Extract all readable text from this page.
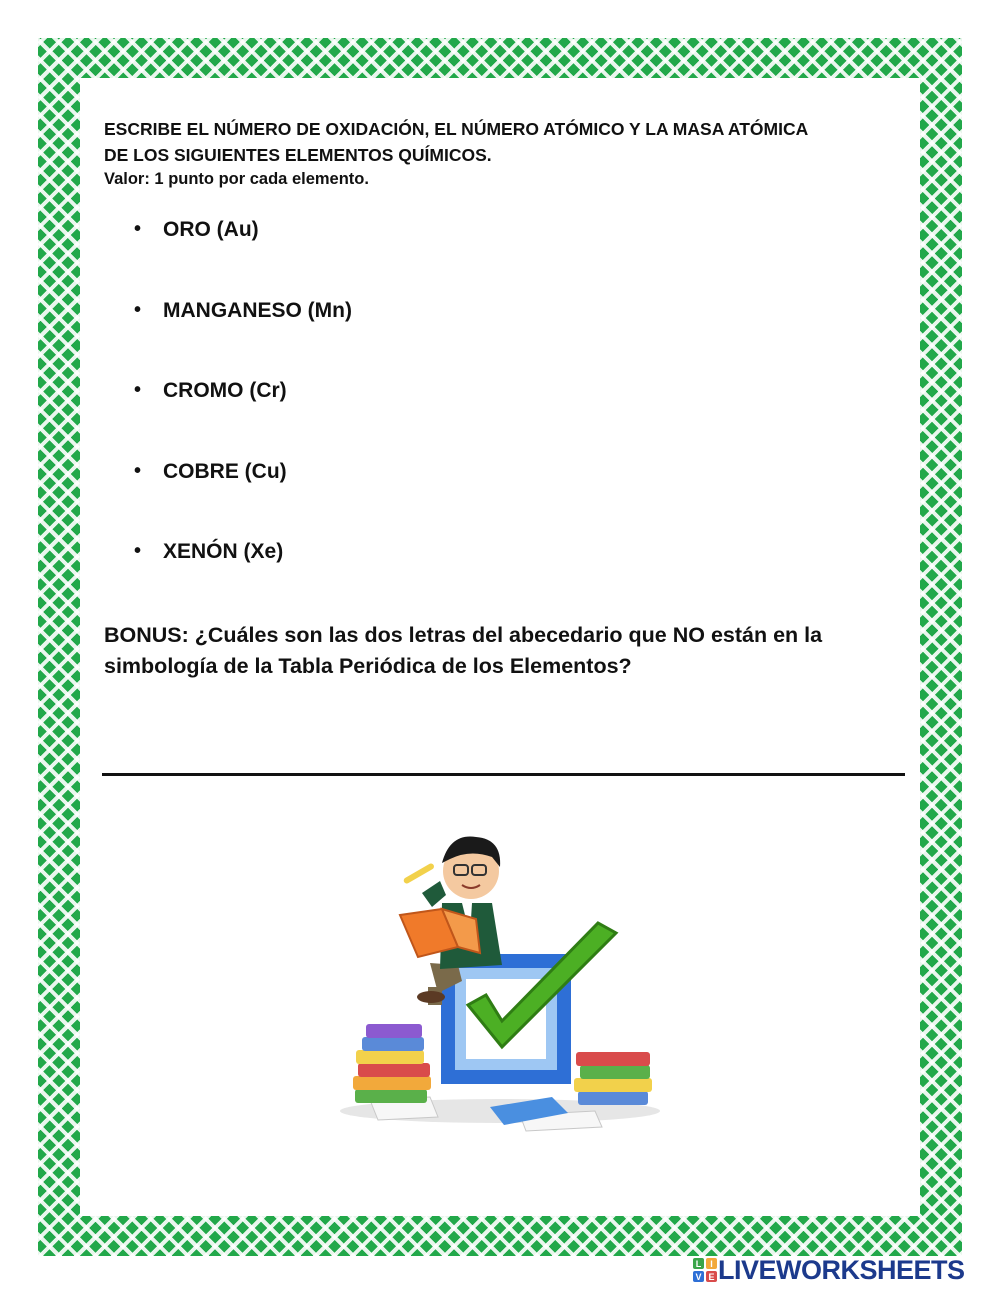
ESCRIBE EL NÚMERO DE OXIDACIÓN, EL NÚMERO ATÓMICO Y LA MASA ATÓMICA

DE LOS SIGUIENTES ELEMENTOS QUÍMICOS.

Valor: 1 punto por cada elemento.

•	ORO (Au)
•	MANGANESO (Mn)
•	CROMO (Cr)
•	COBRE (Cu)
•	XENÓN (Xe)

BONUS: ¿Cuáles son las dos letras del abecedario que NO están en la
simbología de la Tabla Periódica de los Elementos?

L I
V E LIVEWORKSHEETS
